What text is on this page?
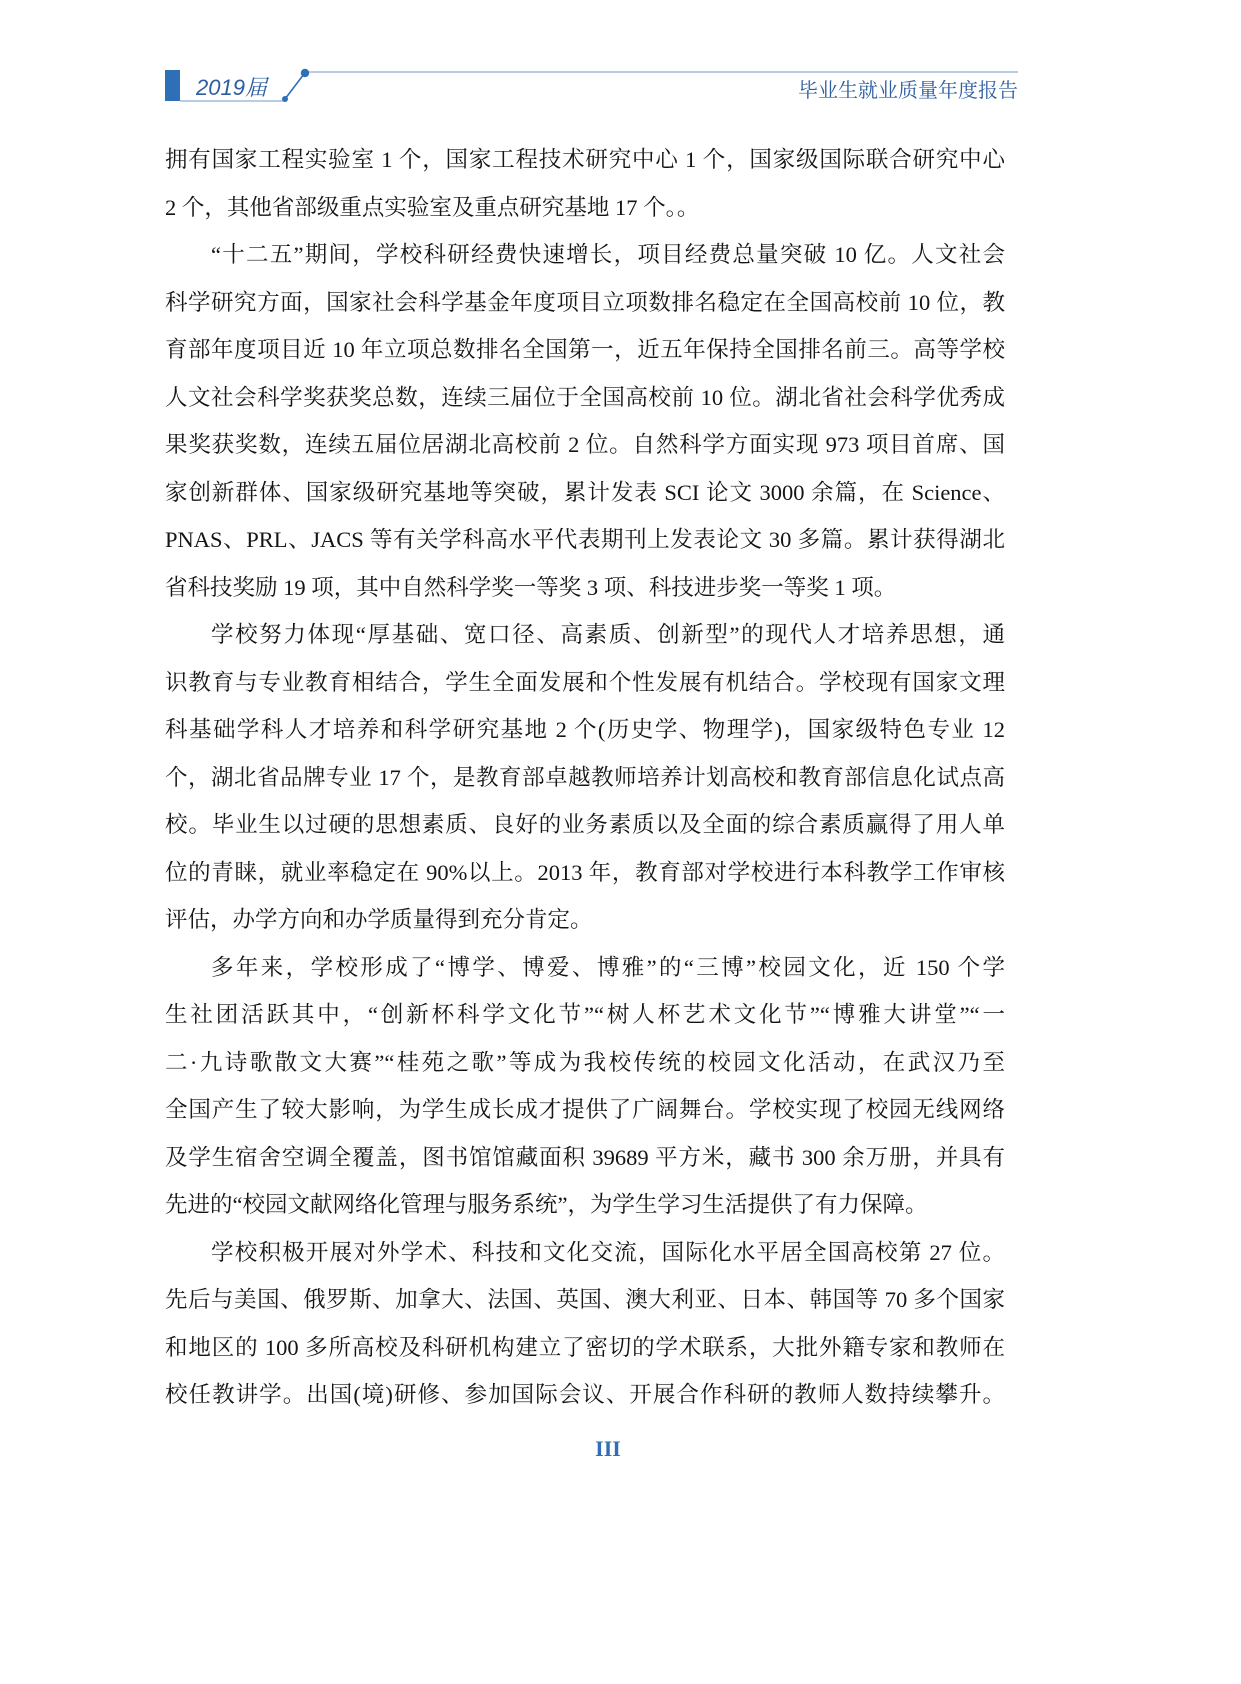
2019届	毕业生就业质量年度报告
拥有国家工程实验室 1 个，国家工程技术研究中心 1 个，国家级国际联合研究中心
2 个，其他省部级重点实验室及重点研究基地 17 个。。
“十二五”期间，学校科研经费快速增长，项目经费总量突破 10 亿。人文社会
科学研究方面，国家社会科学基金年度项目立项数排名稳定在全国高校前 10 位，教
育部年度项目近 10 年立项总数排名全国第一，近五年保持全国排名前三。高等学校
人文社会科学奖获奖总数，连续三届位于全国高校前 10 位。湖北省社会科学优秀成
果奖获奖数，连续五届位居湖北高校前 2 位。自然科学方面实现 973 项目首席、国
家创新群体、国家级研究基地等突破，累计发表 SCI 论文 3000 余篇，在 Science、
PNAS、PRL、JACS 等有关学科高水平代表期刊上发表论文 30 多篇。累计获得湖北
省科技奖励 19 项，其中自然科学奖一等奖 3 项、科技进步奖一等奖 1 项。
学校努力体现“厚基础、宽口径、高素质、创新型”的现代人才培养思想，通
识教育与专业教育相结合，学生全面发展和个性发展有机结合。学校现有国家文理
科基础学科人才培养和科学研究基地 2 个(历史学、物理学)，国家级特色专业 12
个，湖北省品牌专业 17 个，是教育部卓越教师培养计划高校和教育部信息化试点高
校。毕业生以过硬的思想素质、良好的业务素质以及全面的综合素质赢得了用人单
位的青睐，就业率稳定在 90%以上。2013 年，教育部对学校进行本科教学工作审核
评估，办学方向和办学质量得到充分肯定。
多年来，学校形成了“博学、博爱、博雅”的“三博”校园文化，近 150 个学
生社团活跃其中，“创新杯科学文化节”“树人杯艺术文化节”“博雅大讲堂”“一
二·九诗歌散文大赛”“桂苑之歌”等成为我校传统的校园文化活动，在武汉乃至
全国产生了较大影响，为学生成长成才提供了广阔舞台。学校实现了校园无线网络
及学生宿舍空调全覆盖，图书馆馆藏面积 39689 平方米，藏书 300 余万册，并具有
先进的“校园文献网络化管理与服务系统”，为学生学习生活提供了有力保障。
学校积极开展对外学术、科技和文化交流，国际化水平居全国高校第 27 位。
先后与美国、俄罗斯、加拿大、法国、英国、澳大利亚、日本、韩国等 70 多个国家
和地区的 100 多所高校及科研机构建立了密切的学术联系，大批外籍专家和教师在
校任教讲学。出国(境)研修、参加国际会议、开展合作科研的教师人数持续攀升。
III
